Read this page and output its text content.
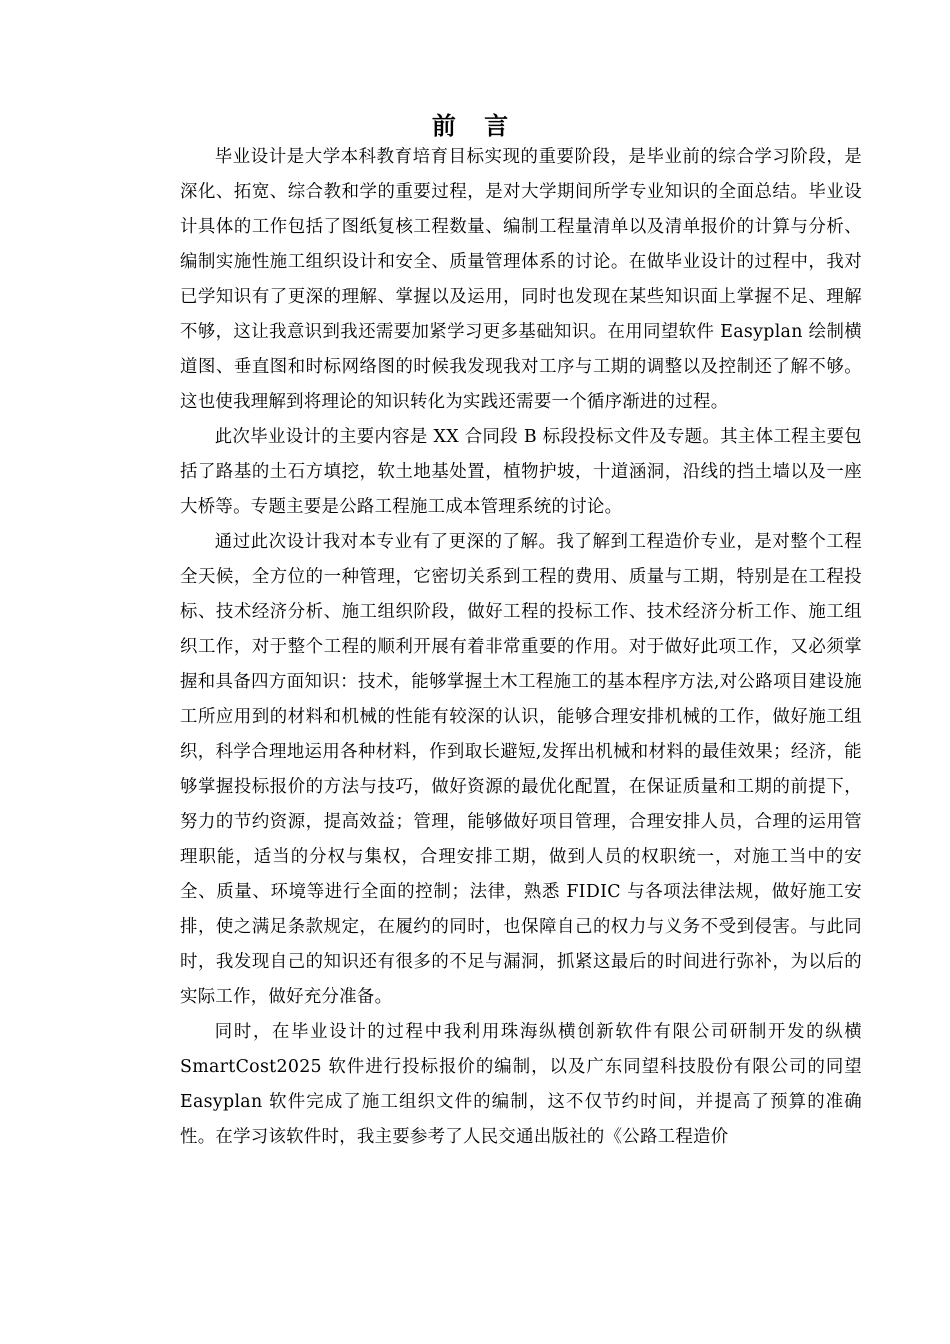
前 言

毕业设计是大学本科教育培育目标实现的重要阶段，是毕业前的综合学习阶段，是深化、拓宽、综合教和学的重要过程，是对大学期间所学专业知识的全面总结。毕业设计具体的工作包括了图纸复核工程数量、编制工程量清单以及清单报价的计算与分析、编制实施性施工组织设计和安全、质量管理体系的讨论。在做毕业设计的过程中，我对已学知识有了更深的理解、掌握以及运用，同时也发现在某些知识面上掌握不足、理解不够，这让我意识到我还需要加紧学习更多基础知识。在用同望软件 Easyplan 绘制横道图、垂直图和时标网络图的时候我发现我对工序与工期的调整以及控制还了解不够。这也使我理解到将理论的知识转化为实践还需要一个循序渐进的过程。

此次毕业设计的主要内容是 XX 合同段 B 标段投标文件及专题。其主体工程主要包括了路基的土石方填挖，软土地基处置，植物护坡，十道涵洞，沿线的挡土墙以及一座大桥等。专题主要是公路工程施工成本管理系统的讨论。

通过此次设计我对本专业有了更深的了解。我了解到工程造价专业，是对整个工程全天候，全方位的一种管理，它密切关系到工程的费用、质量与工期，特别是在工程投标、技术经济分析、施工组织阶段，做好工程的投标工作、技术经济分析工作、施工组织工作，对于整个工程的顺利开展有着非常重要的作用。对于做好此项工作，又必须掌握和具备四方面知识：技术，能够掌握土木工程施工的基本程序方法,对公路项目建设施工所应用到的材料和机械的性能有较深的认识，能够合理安排机械的工作，做好施工组织，科学合理地运用各种材料，作到取长避短,发挥出机械和材料的最佳效果；经济，能够掌握投标报价的方法与技巧，做好资源的最优化配置，在保证质量和工期的前提下，努力的节约资源，提高效益；管理，能够做好项目管理，合理安排人员，合理的运用管理职能，适当的分权与集权，合理安排工期，做到人员的权职统一，对施工当中的安全、质量、环境等进行全面的控制；法律，熟悉 FIDIC 与各项法律法规，做好施工安排，使之满足条款规定，在履约的同时，也保障自己的权力与义务不受到侵害。与此同时，我发现自己的知识还有很多的不足与漏洞，抓紧这最后的时间进行弥补，为以后的实际工作，做好充分准备。

同时，在毕业设计的过程中我利用珠海纵横创新软件有限公司研制开发的纵横 SmartCost2025 软件进行投标报价的编制，以及广东同望科技股份有限公司的同望 Easyplan 软件完成了施工组织文件的编制，这不仅节约时间，并提高了预算的准确性。在学习该软件时，我主要参考了人民交通出版社的《公路工程造价
